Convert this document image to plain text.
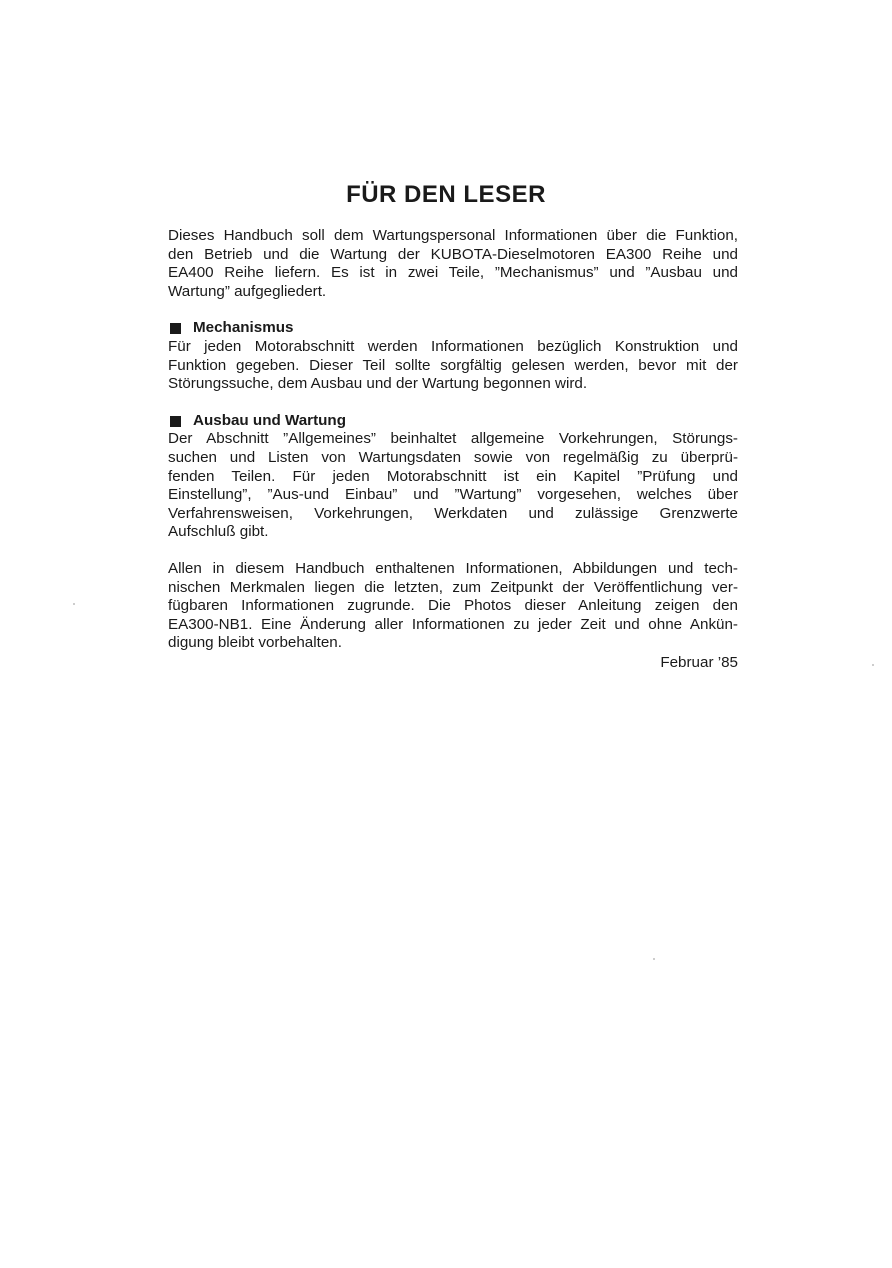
FÜR DEN LESER

Dieses Handbuch soll dem Wartungspersonal Informationen über die Funktion,
den Betrieb und die Wartung der KUBOTA-Dieselmotoren EA300 Reihe und
EA400 Reihe liefern. Es ist in zwei Teile, ”Mechanismus” und ”Ausbau und
Wartung” aufgegliedert.

Mechanismus

Für jeden Motorabschnitt werden Informationen bezüglich Konstruktion und
Funktion gegeben. Dieser Teil sollte sorgfältig gelesen werden, bevor mit der
Störungssuche, dem Ausbau und der Wartung begonnen wird.

Ausbau und Wartung

Der Abschnitt ”Allgemeines” beinhaltet allgemeine Vorkehrungen, Störungs-
suchen und Listen von Wartungsdaten sowie von regelmäßig zu überprü-
fenden Teilen. Für jeden Motorabschnitt ist ein Kapitel ”Prüfung und
Einstellung”, ”Aus-und Einbau” und ”Wartung” vorgesehen, welches über
Verfahrensweisen, Vorkehrungen, Werkdaten und zulässige Grenzwerte
Aufschluß gibt.

Allen in diesem Handbuch enthaltenen Informationen, Abbildungen und tech-
nischen Merkmalen liegen die letzten, zum Zeitpunkt der Veröffentlichung ver-
fügbaren Informationen zugrunde. Die Photos dieser Anleitung zeigen den
EA300-NB1. Eine Änderung aller Informationen zu jeder Zeit und ohne Ankün-
digung bleibt vorbehalten.

Februar ’85
